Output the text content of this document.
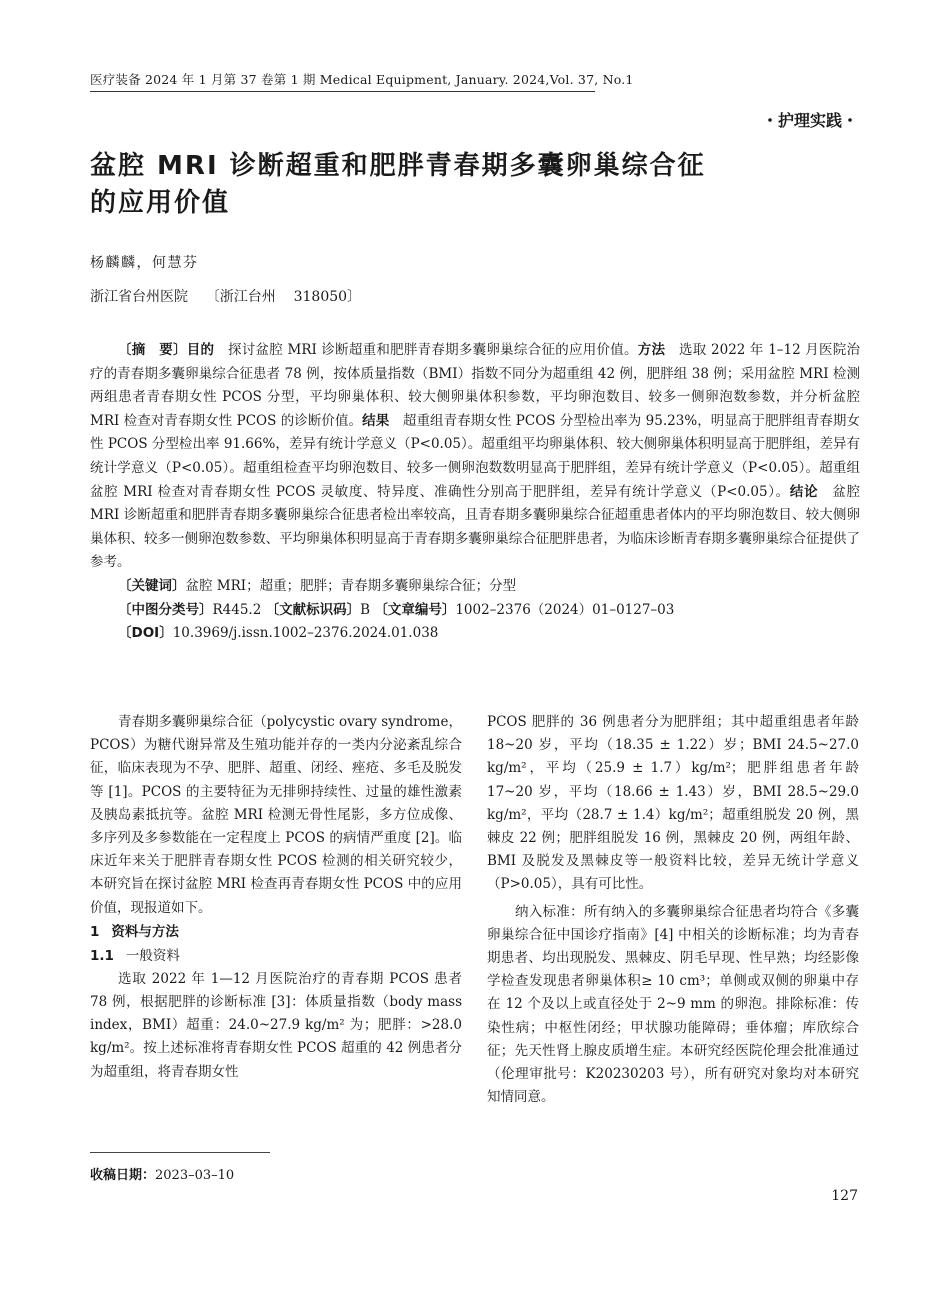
医疗装备 2024 年 1 月第 37 卷第 1 期 Medical Equipment, January. 2024,Vol. 37, No.1
・护理实践・
盆腔 MRI 诊断超重和肥胖青春期多囊卵巢综合征
的应用价值
杨麟麟，何慧芬
浙江省台州医院    〔浙江台州    318050〕

〔摘　要〕目的　探讨盆腔 MRI 诊断超重和肥胖青春期多囊卵巢综合征的应用价值。方法　选取 2022 年 1–12 月医院治疗的青春期多囊卵巢综合征患者 78 例，按体质量指数（BMI）指数不同分为超重组 42 例，肥胖组 38 例；采用盆腔 MRI 检测两组患者青春期女性 PCOS 分型，平均卵巢体积、较大侧卵巢体积参数，平均卵泡数目、较多一侧卵泡数参数，并分析盆腔 MRI 检查对青春期女性 PCOS 的诊断价值。结果　超重组青春期女性 PCOS 分型检出率为 95.23%，明显高于肥胖组青春期女性 PCOS 分型检出率 91.66%，差异有统计学意义（P<0.05）。超重组平均卵巢体积、较大侧卵巢体积明显高于肥胖组，差异有统计学意义（P<0.05）。超重组检查平均卵泡数目、较多一侧卵泡数数明显高于肥胖组，差异有统计学意义（P<0.05）。超重组盆腔 MRI 检查对青春期女性 PCOS 灵敏度、特异度、准确性分别高于肥胖组，差异有统计学意义（P<0.05）。结论　盆腔 MRI 诊断超重和肥胖青春期多囊卵巢综合征患者检出率较高，且青春期多囊卵巢综合征超重患者体内的平均卵泡数目、较大侧卵巢体积、较多一侧卵泡数参数、平均卵巢体积明显高于青春期多囊卵巢综合征肥胖患者，为临床诊断青春期多囊卵巢综合征提供了参考。

〔关键词〕盆腔 MRI；超重；肥胖；青春期多囊卵巢综合征；分型

〔中图分类号〕R445.2 〔文献标识码〕B 〔文章编号〕1002–2376（2024）01–0127–03

〔DOI〕10.3969/j.issn.1002–2376.2024.01.038

青春期多囊卵巢综合征（polycystic ovary syndrome，PCOS）为糖代谢异常及生殖功能并存的一类内分泌紊乱综合征，临床表现为不孕、肥胖、超重、闭经、痤疮、多毛及脱发等 [1]。PCOS 的主要特征为无排卵持续性、过量的雄性激素及胰岛素抵抗等。盆腔 MRI 检测无骨性尾影，多方位成像、多序列及多参数能在一定程度上 PCOS 的病情严重度 [2]。临床近年来关于肥胖青春期女性 PCOS 检测的相关研究较少，本研究旨在探讨盆腔 MRI 检查再青春期女性 PCOS 中的应用价值，现报道如下。

1 资料与方法

1.1 一般资料

选取 2022 年 1—12 月医院治疗的青春期 PCOS 患者 78 例，根据肥胖的诊断标准 [3]：体质量指数（body mass index，BMI）超重：24.0~27.9 kg/m² 为；肥胖：>28.0 kg/m²。按上述标准将青春期女性 PCOS 超重的 42 例患者分为超重组，将青春期女性

PCOS 肥胖的 36 例患者分为肥胖组；其中超重组患者年龄 18~20 岁，平均（18.35 ± 1.22）岁；BMI 24.5~27.0 kg/m²，平均（25.9 ± 1.7）kg/m²；肥胖组患者年龄 17~20 岁，平均（18.66 ± 1.43）岁，BMI 28.5~29.0 kg/m²，平均（28.7 ± 1.4）kg/m²；超重组脱发 20 例，黑棘皮 22 例；肥胖组脱发 16 例，黑棘皮 20 例，两组年龄、BMI 及脱发及黑棘皮等一般资料比较，差异无统计学意义（P>0.05），具有可比性。

纳入标准：所有纳入的多囊卵巢综合征患者均符合《多囊卵巢综合征中国诊疗指南》[4] 中相关的诊断标准；均为青春期患者、均出现脱发、黑棘皮、阴毛早现、性早熟；均经影像学检查发现患者卵巢体积≥ 10 cm³；单侧或双侧的卵巢中存在 12 个及以上或直径处于 2~9 mm 的卵泡。排除标准：传染性病；中枢性闭经；甲状腺功能障碍；垂体瘤；库欣综合征；先天性肾上腺皮质增生症。本研究经医院伦理会批准通过（伦理审批号：K20230203 号），所有研究对象均对本研究知情同意。

收稿日期：2023–03–10
127
